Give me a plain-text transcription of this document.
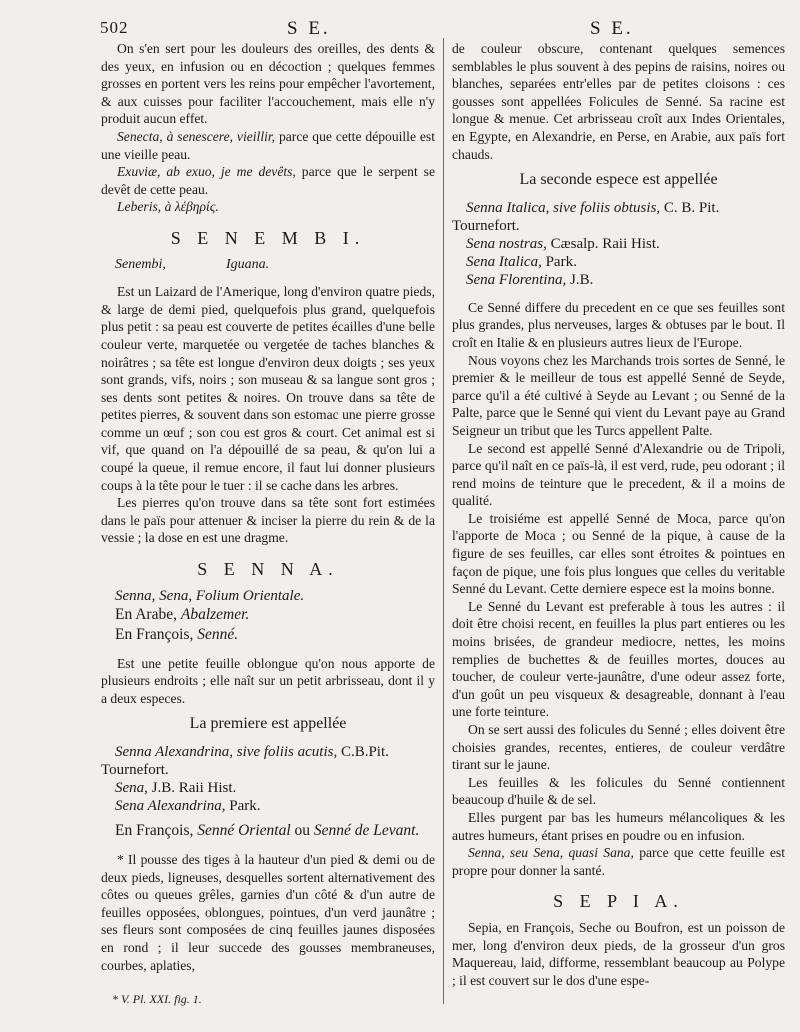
502	S E.	S E.

On s'en sert pour les douleurs des oreilles, des dents & des yeux, en infusion ou en décoction ; quelques femmes grosses en portent vers les reins pour empêcher l'avortement, & aux cuisses pour faciliter l'accouchement, mais elle n'y produit aucun effet.

Senecta, à senescere, vieillir, parce que cette dépouille est une vieille peau.

Exuviæ, ab exuo, je me devêts, parce que le serpent se devêt de cette peau.

Leberis, à λέβηρίς.

S E N E M B I.
Senembi,	Iguana.

Est un Laizard de l'Amerique, long d'environ quatre pieds, & large de demi pied, quelquefois plus grand, quelquefois plus petit : sa peau est couverte de petites écailles d'une belle couleur verte, marquetée ou vergetée de taches blanches & noirâtres ; sa tête est longue d'environ deux doigts ; ses yeux sont grands, vifs, noirs ; son museau & sa langue sont gros ; ses dents sont petites & noires. On trouve dans sa tête de petites pierres, & souvent dans son estomac une pierre grosse comme un œuf ; son cou est gros & court. Cet animal est si vif, que quand on l'a dépouillé de sa peau, & qu'on lui a coupé la queue, il remue encore, il faut lui donner plusieurs coups à la tête pour le tuer : il se cache dans les arbres.

Les pierres qu'on trouve dans sa tête sont fort estimées dans le païs pour attenuer & inciser la pierre du rein & de la vessie ; la dose en est une dragme.

S E N N A.

Senna, Sena, Folium Orientale.

En Arabe, Abalzemer.

En François, Senné.

Est une petite feuille oblongue qu'on nous apporte de plusieurs endroits ; elle naît sur un petit arbrisseau, dont il y a deux especes.

La premiere est appellée

Senna Alexandrina, sive foliis acutis, C.B.Pit.

Tournefort.

Sena, J.B. Raii Hist.

Sena Alexandrina, Park.

En François, Senné Oriental ou Senné de Levant.

* Il pousse des tiges à la hauteur d'un pied & demi ou de deux pieds, ligneuses, desquelles sortent alternativement des côtes ou queues grêles, garnies d'un côté & d'un autre de feuilles opposées, oblongues, pointues, d'un verd jaunâtre ; ses fleurs sont composées de cinq feuilles jaunes disposées en rond ; il leur succede des gousses membraneuses, courbes, aplaties,

* V. Pl. XXI. fig. 1.

de couleur obscure, contenant quelques semences semblables le plus souvent à des pepins de raisins, noires ou blanches, separées entr'elles par de petites cloisons : ces gousses sont appellées Folicules de Senné. Sa racine est longue & menue. Cet arbrisseau croît aux Indes Orientales, en Egypte, en Alexandrie, en Perse, en Arabie, aux païs fort chauds.

La seconde espece est appellée

Senna Italica, sive foliis obtusis, C. B. Pit.

Tournefort.

Sena nostras, Cæsalp. Raii Hist.

Sena Italica, Park.

Sena Florentina, J.B.

Ce Senné differe du precedent en ce que ses feuilles sont plus grandes, plus nerveuses, larges & obtuses par le bout. Il croît en Italie & en plusieurs autres lieux de l'Europe.

Nous voyons chez les Marchands trois sortes de Senné, le premier & le meilleur de tous est appellé Senné de Seyde, parce qu'il a été cultivé à Seyde au Levant ; ou Senné de la Palte, parce que le Senné qui vient du Levant paye au Grand Seigneur un tribut que les Turcs appellent Palte.

Le second est appellé Senné d'Alexandrie ou de Tripoli, parce qu'il naît en ce païs-là, il est verd, rude, peu odorant ; il rend moins de teinture que le precedent, & il a moins de qualité.

Le troisiéme est appellé Senné de Moca, parce qu'on l'apporte de Moca ; ou Senné de la pique, à cause de la figure de ses feuilles, car elles sont étroites & pointues en façon de pique, une fois plus longues que celles du veritable Senné du Levant. Cette derniere espece est la moins bonne.

Le Senné du Levant est preferable à tous les autres : il doit être choisi recent, en feuilles la plus part entieres ou les moins brisées, de grandeur mediocre, nettes, les moins remplies de buchettes & de feuilles mortes, douces au toucher, de couleur verte-jaunâtre, d'une odeur assez forte, d'un goût un peu visqueux & desagreable, donnant à l'eau une forte teinture.

On se sert aussi des folicules du Senné ; elles doivent être choisies grandes, recentes, entieres, de couleur verdâtre tirant sur le jaune.

Les feuilles & les folicules du Senné contiennent beaucoup d'huile & de sel.

Elles purgent par bas les humeurs mélancoliques & les autres humeurs, étant prises en poudre ou en infusion.

Senna, seu Sena, quasi Sana, parce que cette feuille est propre pour donner la santé.

S E P I A.

Sepia, en François, Seche ou Boufron, est un poisson de mer, long d'environ deux pieds, de la grosseur d'un gros Maquereau, laid, difforme, ressemblant beaucoup au Polype ; il est couvert sur le dos d'une espe-
